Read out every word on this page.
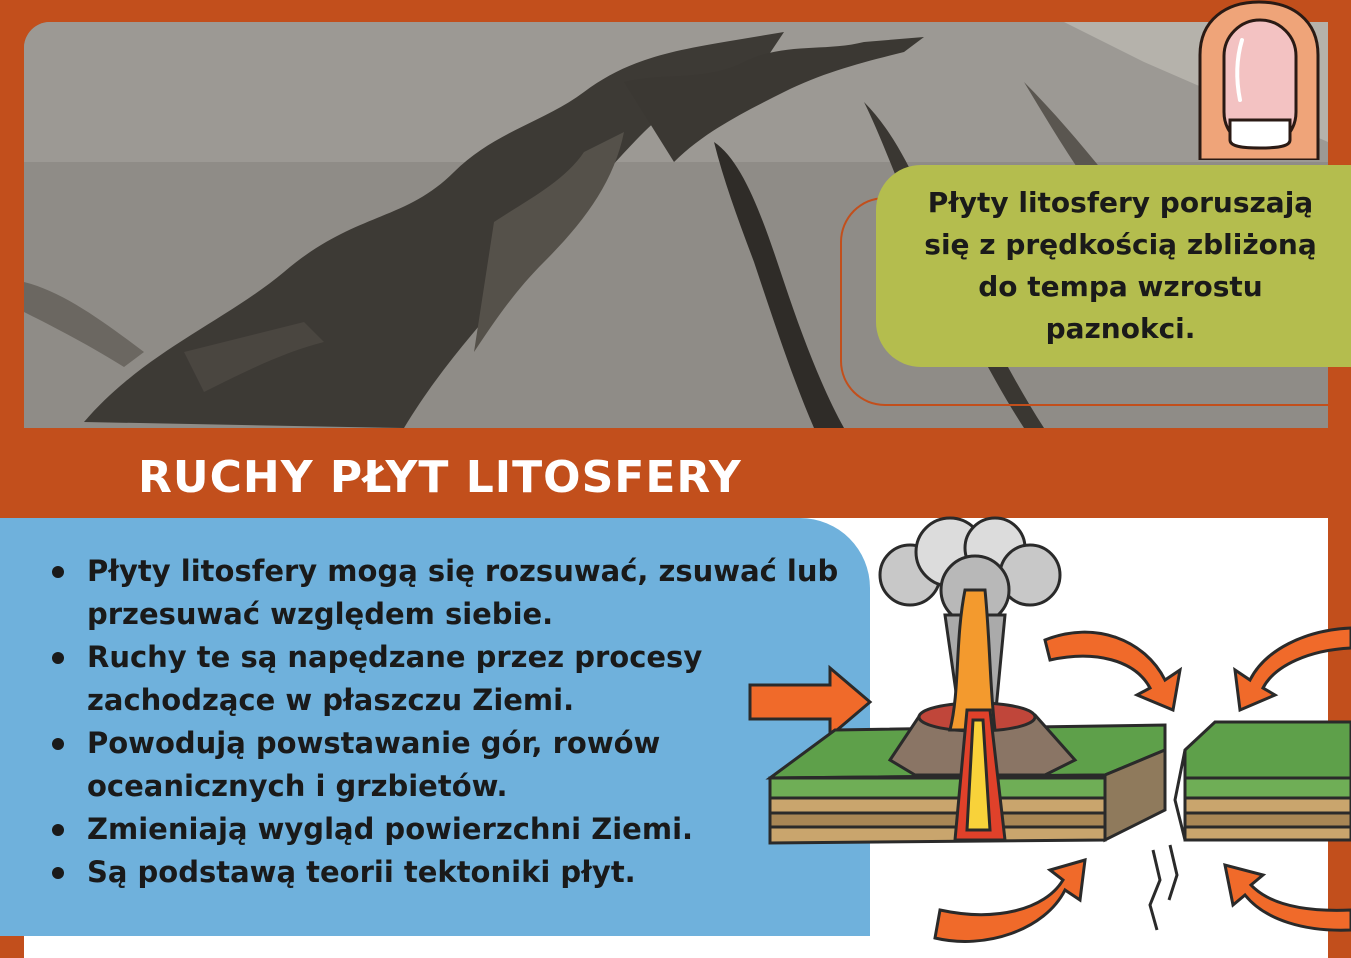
Płyty litosfery poruszają się z prędkością zbliżoną do tempa wzrostu paznokci.
RUCHY PŁYT LITOSFERY
Płyty litosfery mogą się rozsuwać, zsuwać lub przesuwać względem siebie.
Ruchy te są napędzane przez procesy zachodzące w płaszczu Ziemi.
Powodują powstawanie gór, rowów oceanicznych i grzbietów.
Zmieniają wygląd powierzchni Ziemi.
Są podstawą teorii tektoniki płyt.
